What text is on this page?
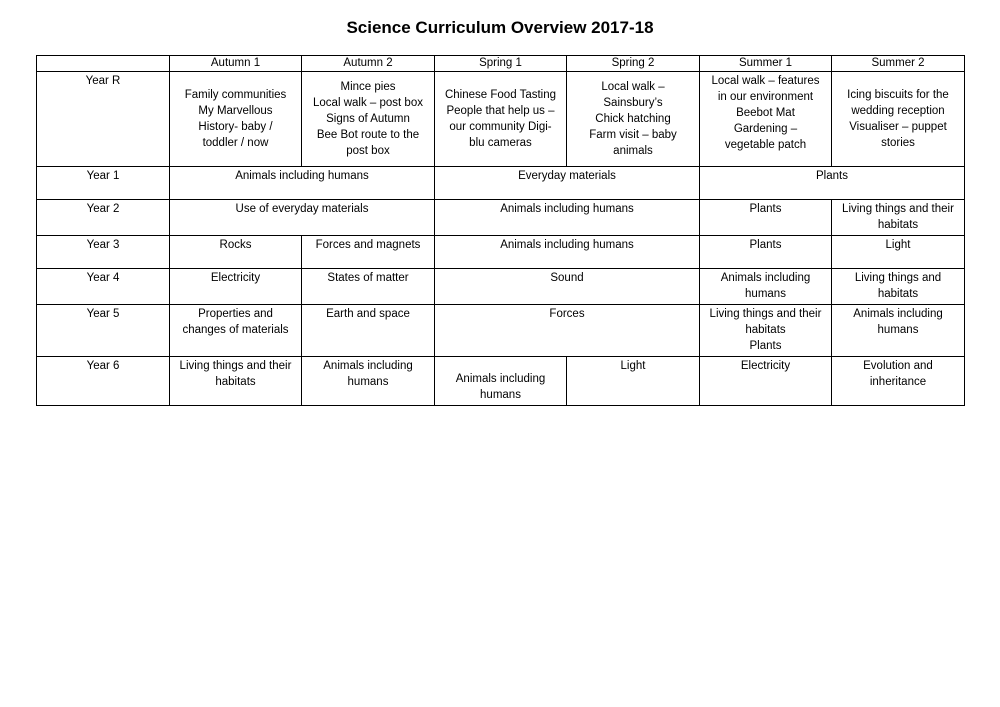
Science Curriculum Overview 2017-18
	Autumn 1	Autumn 2	Spring 1	Spring 2	Summer 1	Summer 2
Year R	Family communities
My Marvellous
History- baby /
toddler / now	Mince pies
Local walk – post box
Signs of Autumn
Bee Bot route to the
post box	Chinese Food Tasting
People that help us –
our community Digi-
blu cameras	Local walk –
Sainsbury’s
Chick hatching
Farm visit – baby
animals	Local walk – features
in our environment
Beebot Mat
Gardening –
vegetable patch	Icing biscuits for the
wedding reception
Visualiser – puppet
stories

Year 1	Animals including humans		Everyday materials		Plants	

Year 2	Use of everyday materials		Animals including humans		Plants	Living things and their
habitats

Year 3	Rocks	Forces and magnets	Animals including humans		Plants	Light

Year 4	Electricity	States of matter	Sound		Animals including
humans	Living things and
habitats

Year 5	Properties and
changes of materials	Earth and space	Forces		Living things and their
habitats
Plants	Animals including
humans

Year 6	Living things and their
habitats	Animals including
humans	Animals including
humans	Light	Electricity	Evolution and
inheritance
